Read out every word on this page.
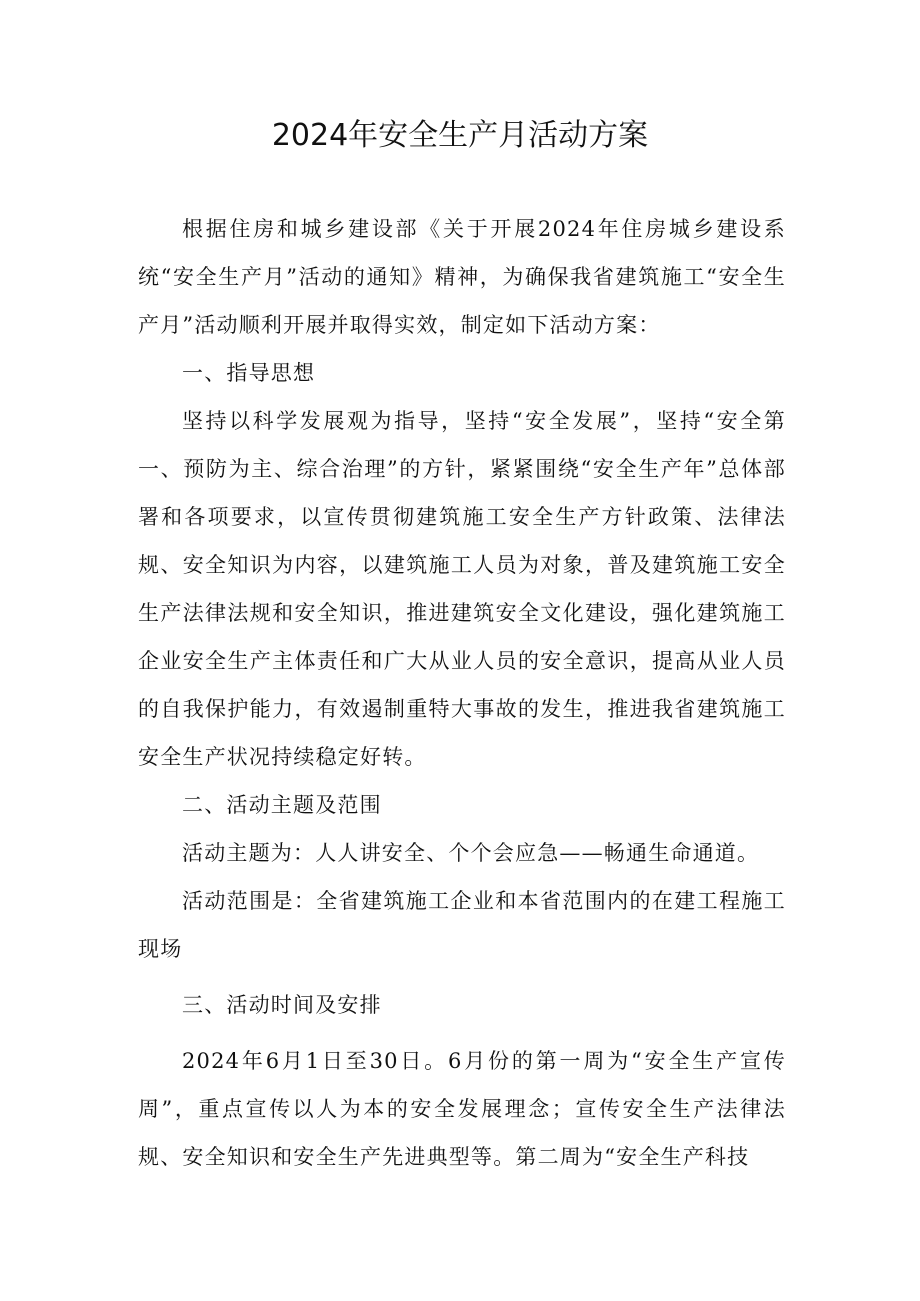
2024年安全生产月活动方案

根据住房和城乡建设部《关于开展2024年住房城乡建设系统“安全生产月”活动的通知》精神，为确保我省建筑施工“安全生产月”活动顺利开展并取得实效，制定如下活动方案：

一、指导思想

坚持以科学发展观为指导，坚持“安全发展”，坚持“安全第一、预防为主、综合治理”的方针，紧紧围绕“安全生产年”总体部署和各项要求，以宣传贯彻建筑施工安全生产方针政策、法律法规、安全知识为内容，以建筑施工人员为对象，普及建筑施工安全生产法律法规和安全知识，推进建筑安全文化建设，强化建筑施工企业安全生产主体责任和广大从业人员的安全意识，提高从业人员的自我保护能力，有效遏制重特大事故的发生，推进我省建筑施工安全生产状况持续稳定好转。

二、活动主题及范围

活动主题为：人人讲安全、个个会应急——畅通生命通道。

活动范围是：全省建筑施工企业和本省范围内的在建工程施工现场

三、活动时间及安排

2024年6月1日至30日。6月份的第一周为“安全生产宣传周”，重点宣传以人为本的安全发展理念；宣传安全生产法律法规、安全知识和安全生产先进典型等。第二周为“安全生产科技
